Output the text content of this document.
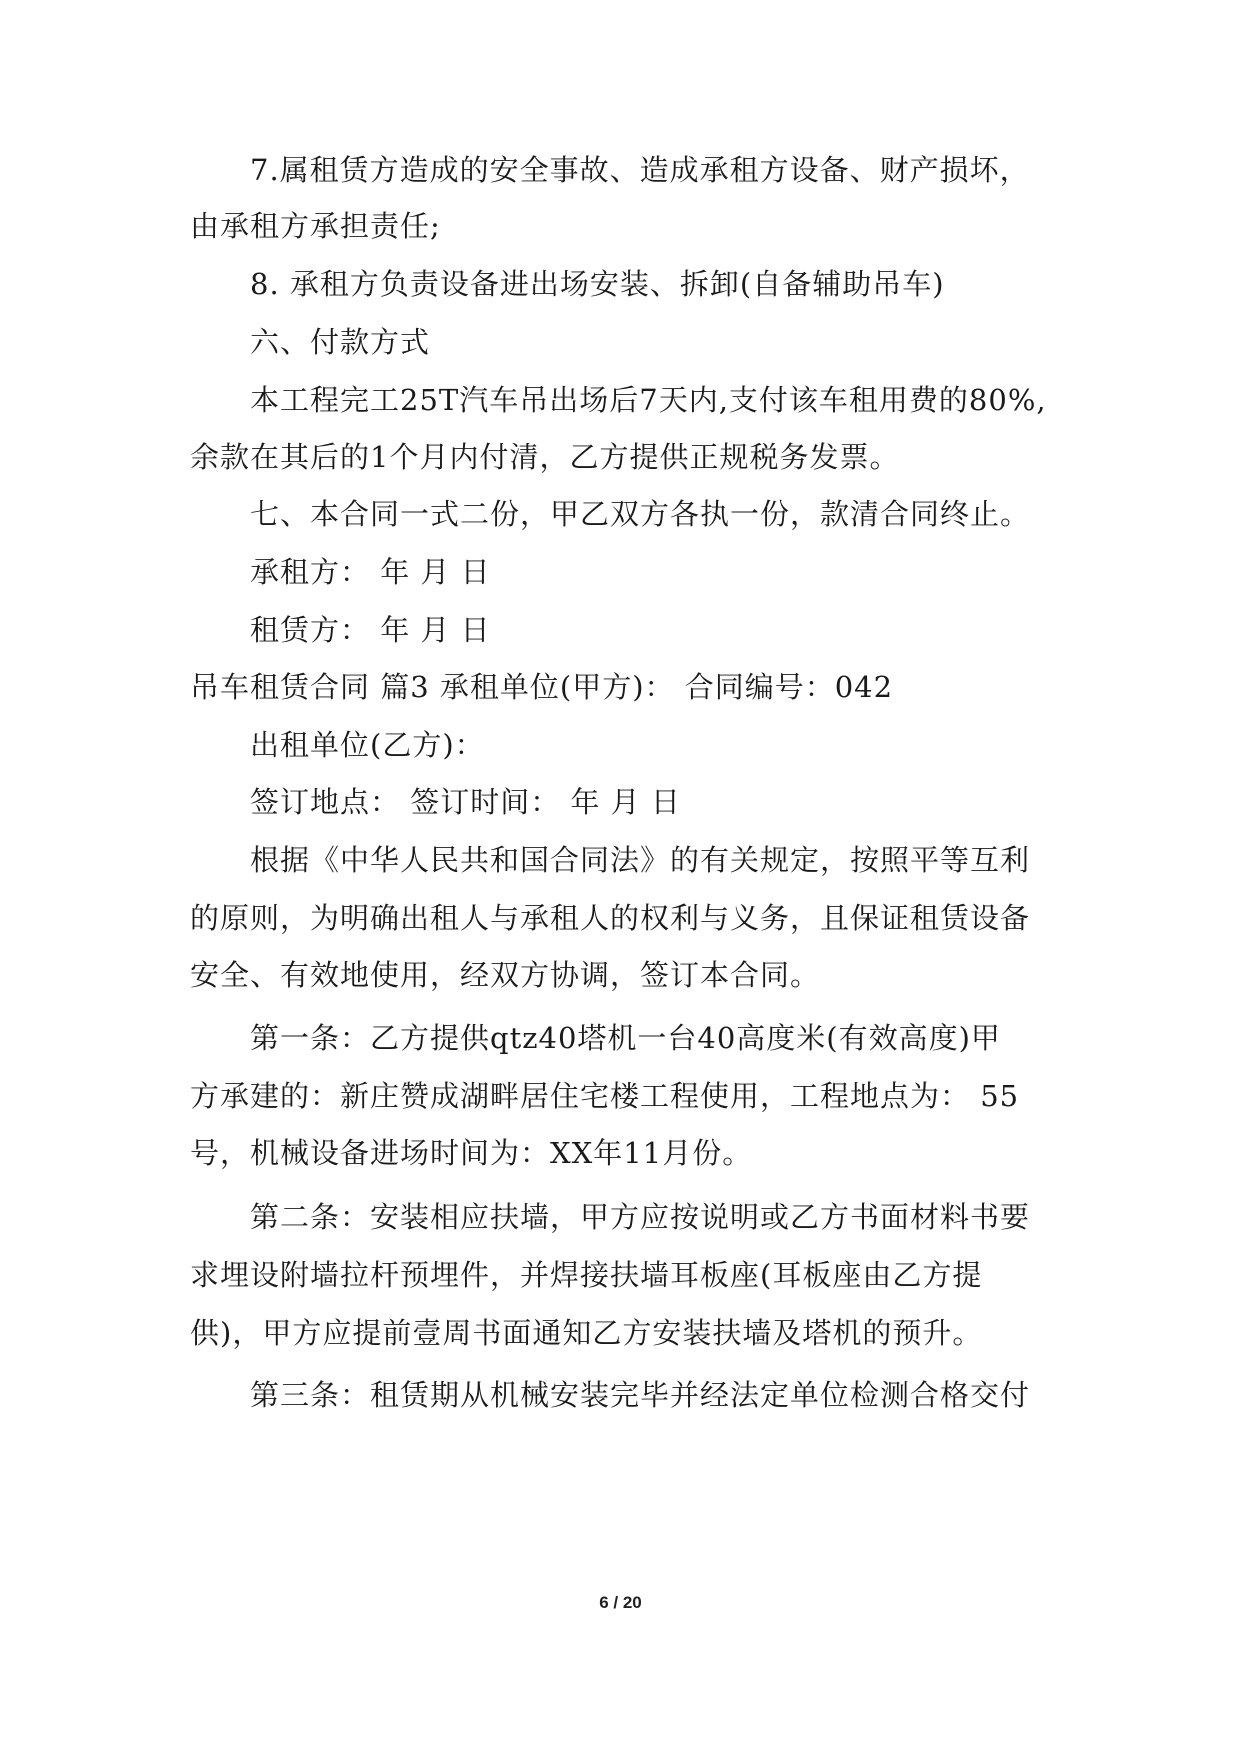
7.属租赁方造成的安全事故、造成承租方设备、财产损坏，
由承租方承担责任;
8. 承租方负责设备进出场安装、拆卸(自备辅助吊车)
六、付款方式
本工程完工25T汽车吊出场后7天内,支付该车租用费的80%,
余款在其后的1个月内付清，乙方提供正规税务发票。
七、本合同一式二份，甲乙双方各执一份，款清合同终止。
承租方： 年 月 日
租赁方： 年 月 日
吊车租赁合同 篇3 承租单位(甲方)： 合同编号：042
出租单位(乙方)：
签订地点： 签订时间： 年 月 日
根据《中华人民共和国合同法》的有关规定，按照平等互利
的原则，为明确出租人与承租人的权利与义务，且保证租赁设备
安全、有效地使用，经双方协调，签订本合同。
第一条：乙方提供qtz40塔机一台40高度米(有效高度)甲
方承建的：新庄赞成湖畔居住宅楼工程使用，工程地点为： 55
号，机械设备进场时间为：XX年11月份。
第二条：安装相应扶墙，甲方应按说明或乙方书面材料书要
求埋设附墙拉杆预埋件，并焊接扶墙耳板座(耳板座由乙方提
供)，甲方应提前壹周书面通知乙方安装扶墙及塔机的预升。
第三条：租赁期从机械安装完毕并经法定单位检测合格交付
6 / 20
